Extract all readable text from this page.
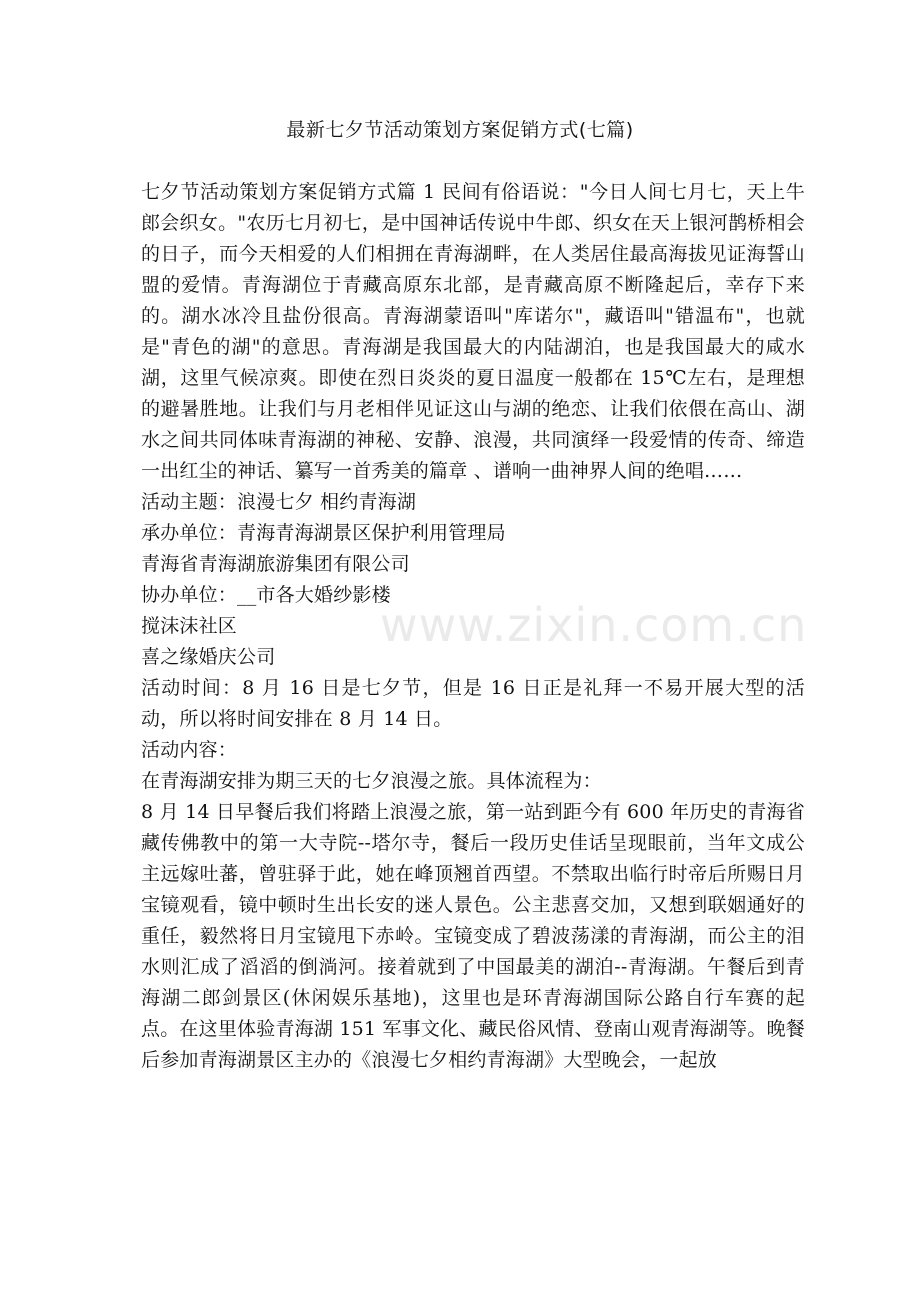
最新七夕节活动策划方案促销方式(七篇)

七夕节活动策划方案促销方式篇 1 民间有俗语说："今日人间七月七，天上牛郎会织女。"农历七月初七，是中国神话传说中牛郎、织女在天上银河鹊桥相会的日子，而今天相爱的人们相拥在青海湖畔，在人类居住最高海拔见证海誓山盟的爱情。青海湖位于青藏高原东北部，是青藏高原不断隆起后，幸存下来的。湖水冰冷且盐份很高。青海湖蒙语叫"库诺尔"，藏语叫"错温布"，也就是"青色的湖"的意思。青海湖是我国最大的内陆湖泊，也是我国最大的咸水湖，这里气候凉爽。即使在烈日炎炎的夏日温度一般都在 15℃左右，是理想的避暑胜地。让我们与月老相伴见证这山与湖的绝恋、让我们依偎在高山、湖水之间共同体味青海湖的神秘、安静、浪漫，共同演绎一段爱情的传奇、缔造一出红尘的神话、纂写一首秀美的篇章 、谱响一曲神界人间的绝唱……

活动主题：浪漫七夕 相约青海湖

承办单位：青海青海湖景区保护利用管理局

青海省青海湖旅游集团有限公司

协办单位：__市各大婚纱影楼

搅沫沫社区

喜之缘婚庆公司

活动时间：8 月 16 日是七夕节，但是 16 日正是礼拜一不易开展大型的活动，所以将时间安排在 8 月 14 日。

活动内容：

在青海湖安排为期三天的七夕浪漫之旅。具体流程为：

8 月 14 日早餐后我们将踏上浪漫之旅，第一站到距今有 600 年历史的青海省藏传佛教中的第一大寺院--塔尔寺，餐后一段历史佳话呈现眼前，当年文成公主远嫁吐蕃，曾驻驿于此，她在峰顶翘首西望。不禁取出临行时帝后所赐日月宝镜观看，镜中顿时生出长安的迷人景色。公主悲喜交加，又想到联姻通好的重任，毅然将日月宝镜甩下赤岭。宝镜变成了碧波荡漾的青海湖，而公主的泪水则汇成了滔滔的倒淌河。接着就到了中国最美的湖泊--青海湖。午餐后到青海湖二郎剑景区(休闲娱乐基地)，这里也是环青海湖国际公路自行车赛的起点。在这里体验青海湖 151 军事文化、藏民俗风情、登南山观青海湖等。晚餐后参加青海湖景区主办的《浪漫七夕相约青海湖》大型晚会，一起放

www.zixin.com.cn
